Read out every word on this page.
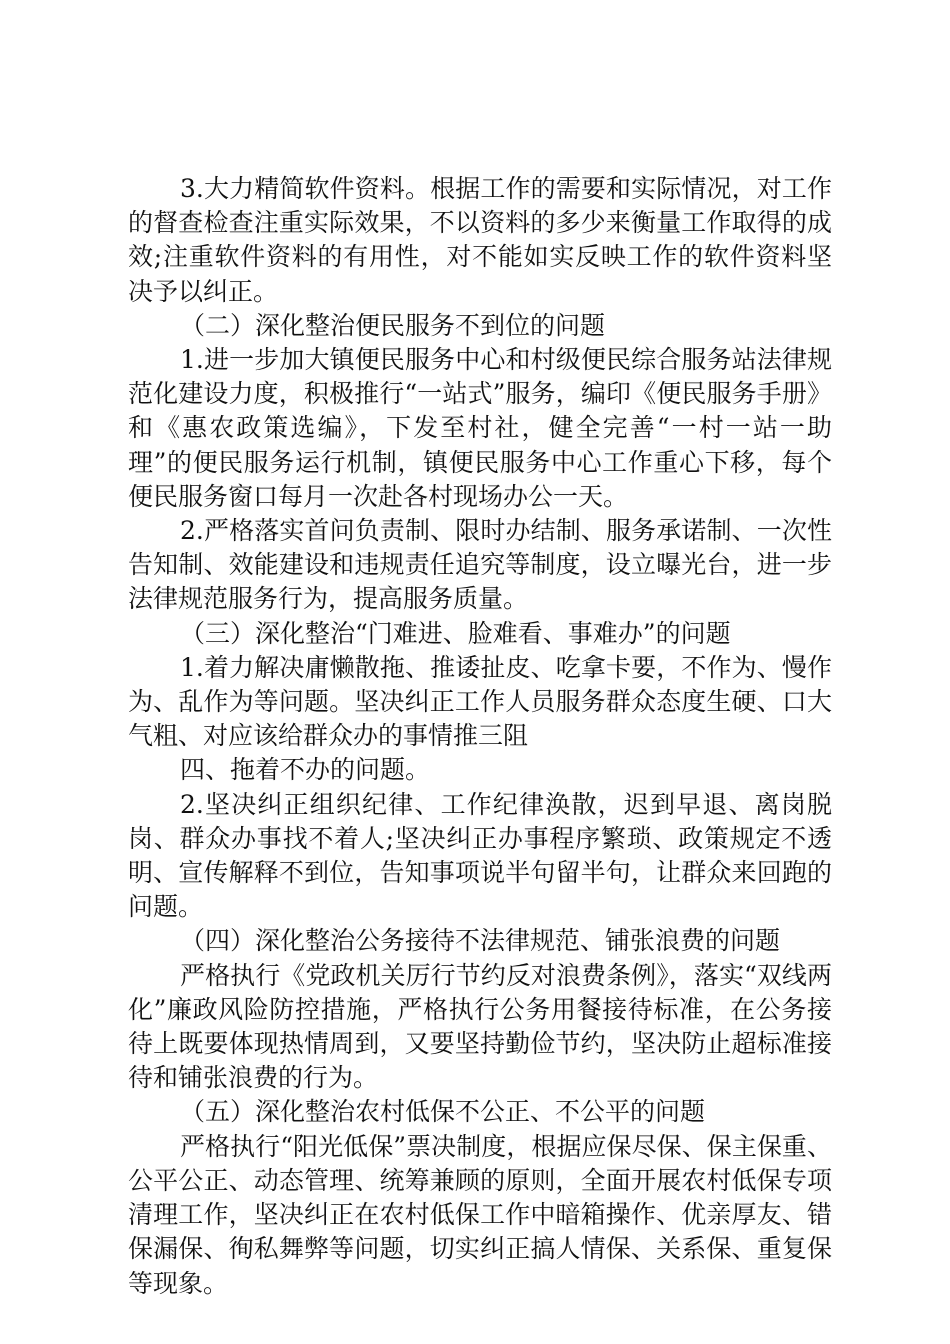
3.大力精简软件资料。根据工作的需要和实际情况，对工作的督查检查注重实际效果，不以资料的多少来衡量工作取得的成效;注重软件资料的有用性，对不能如实反映工作的软件资料坚决予以纠正。

（二）深化整治便民服务不到位的问题

1.进一步加大镇便民服务中心和村级便民综合服务站法律规范化建设力度，积极推行“一站式”服务，编印《便民服务手册》和《惠农政策选编》，下发至村社，健全完善“一村一站一助理”的便民服务运行机制，镇便民服务中心工作重心下移，每个便民服务窗口每月一次赴各村现场办公一天。

2.严格落实首问负责制、限时办结制、服务承诺制、一次性告知制、效能建设和违规责任追究等制度，设立曝光台，进一步法律规范服务行为，提高服务质量。

（三）深化整治“门难进、脸难看、事难办”的问题

1.着力解决庸懒散拖、推诿扯皮、吃拿卡要，不作为、慢作为、乱作为等问题。坚决纠正工作人员服务群众态度生硬、口大气粗、对应该给群众办的事情推三阻

四、拖着不办的问题。

2.坚决纠正组织纪律、工作纪律涣散，迟到早退、离岗脱岗、群众办事找不着人;坚决纠正办事程序繁琐、政策规定不透明、宣传解释不到位，告知事项说半句留半句，让群众来回跑的问题。

（四）深化整治公务接待不法律规范、铺张浪费的问题

严格执行《党政机关厉行节约反对浪费条例》，落实“双线两化”廉政风险防控措施，严格执行公务用餐接待标准，在公务接待上既要体现热情周到，又要坚持勤俭节约，坚决防止超标准接待和铺张浪费的行为。

（五）深化整治农村低保不公正、不公平的问题

严格执行“阳光低保”票决制度，根据应保尽保、保主保重、公平公正、动态管理、统筹兼顾的原则，全面开展农村低保专项清理工作，坚决纠正在农村低保工作中暗箱操作、优亲厚友、错保漏保、徇私舞弊等问题，切实纠正搞人情保、关系保、重复保等现象。
